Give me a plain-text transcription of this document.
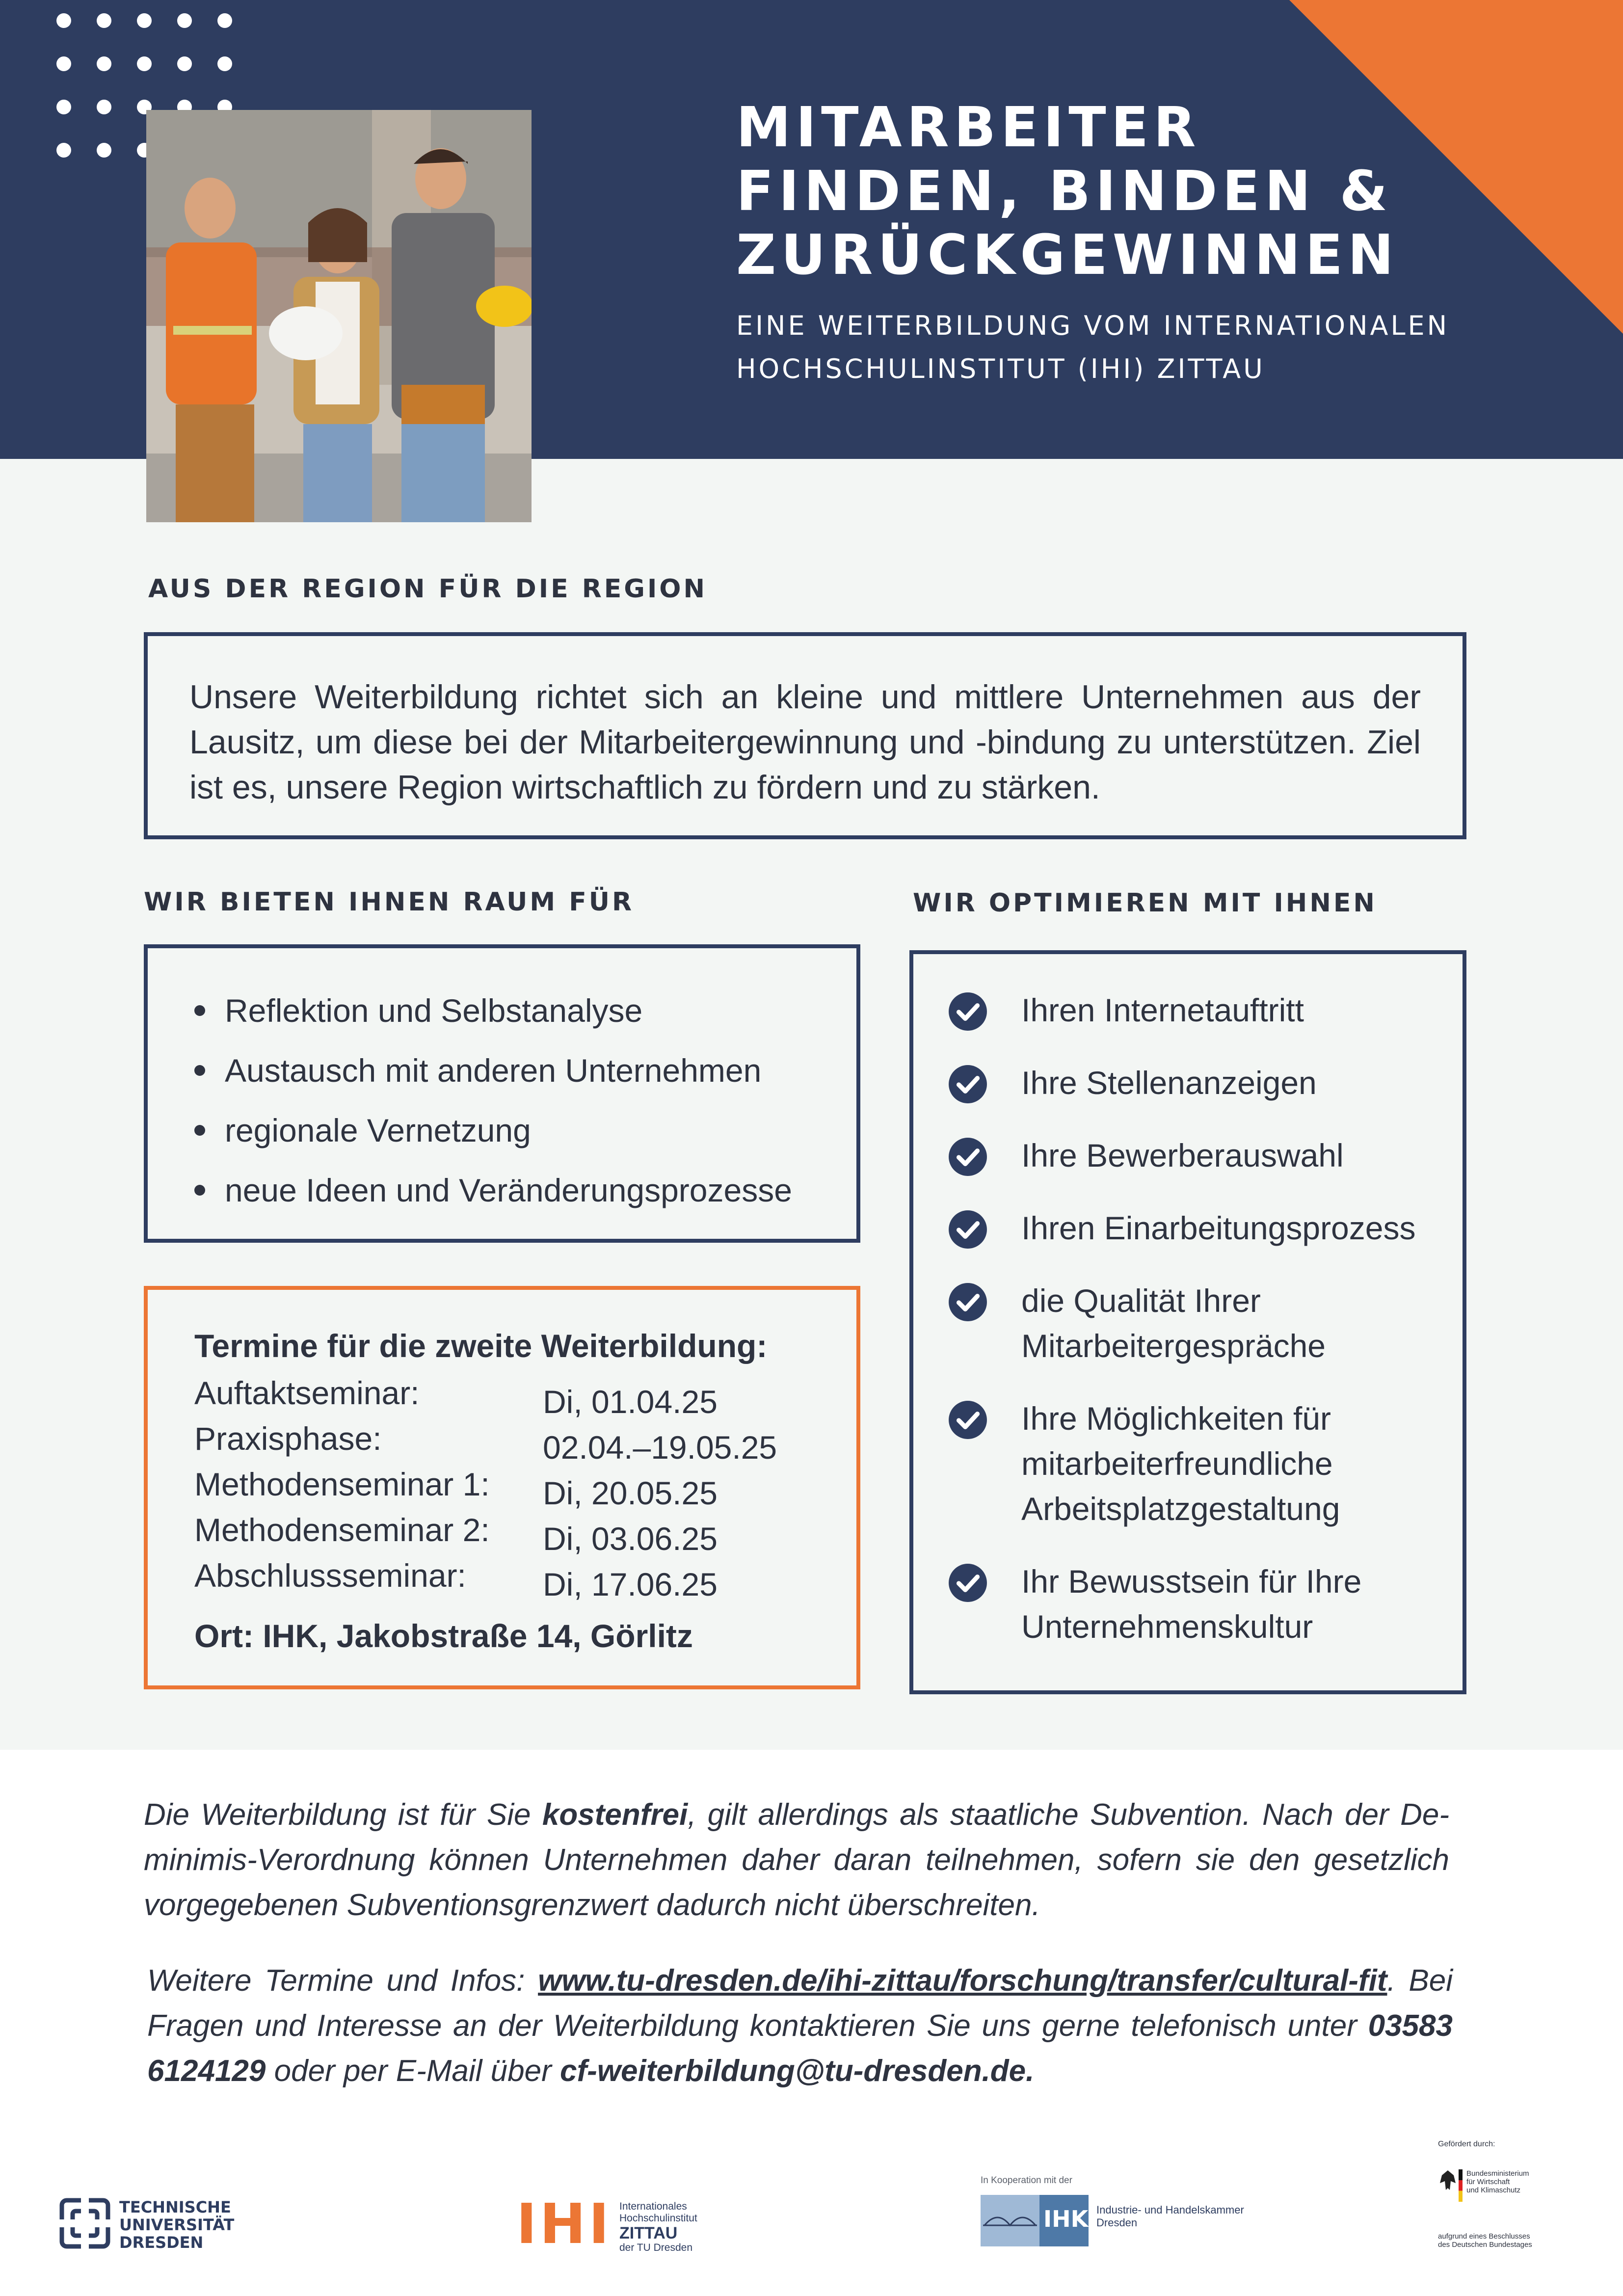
MITARBEITER
FINDEN, BINDEN &
ZURÜCKGEWINNEN
EINE WEITERBILDUNG VOM INTERNATIONALEN
HOCHSCHULINSTITUT (IHI) ZITTAU
AUS DER REGION FÜR DIE REGION

Unsere Weiterbildung richtet sich an kleine und mittlere Unternehmen aus der Lausitz, um diese bei der Mitarbeitergewinnung und -bindung zu unterstützen. Ziel ist es, unsere Region wirtschaftlich zu fördern und zu stärken.

WIR BIETEN IHNEN RAUM FÜR
Reflektion und Selbstanalyse
Austausch mit anderen Unternehmen
regionale Vernetzung
neue Ideen und Veränderungsprozesse
Termine für die zweite Weiterbildung:
Auftaktseminar:	Di, 01.04.25
Praxisphase:	02.04.–19.05.25
Methodenseminar 1:	Di, 20.05.25
Methodenseminar 2:	Di, 03.06.25
Abschlussseminar:	Di, 17.06.25
Ort: IHK, Jakobstraße 14, Görlitz
WIR OPTIMIEREN MIT IHNEN
Ihren Internetauftritt
Ihre Stellenanzeigen
Ihre Bewerberauswahl
Ihren Einarbeitungsprozess
die Qualität Ihrer
Mitarbeitergespräche
Ihre Möglichkeiten für
mitarbeiterfreundliche
Arbeitsplatzgestaltung
Ihr Bewusstsein für Ihre
Unternehmenskultur

Die Weiterbildung ist für Sie kostenfrei, gilt allerdings als staatliche Subvention. Nach der De-minimis-Verordnung können Unternehmen daher daran teilnehmen, sofern sie den gesetzlich vorgegebenen Subventionsgrenzwert dadurch nicht überschreiten.

Weitere Termine und Infos: www.tu-dresden.de/ihi-zittau/forschung/transfer/cultural-fit. Bei Fragen und Interesse an der Weiterbildung kontaktieren Sie uns gerne telefonisch unter 03583 6124129 oder per E-Mail über cf-weiterbildung@tu-dresden.de.

TECHNISCHE
UNIVERSITÄT
DRESDEN	IHI Internationales
Hochschulinstitut
ZITTAU
der TU Dresden
In Kooperation mit der
IHK Industrie- und Handelskammer
Dresden
Gefördert durch:
Bundesministerium
für Wirtschaft
und Klimaschutz
aufgrund eines Beschlusses
des Deutschen Bundestages
